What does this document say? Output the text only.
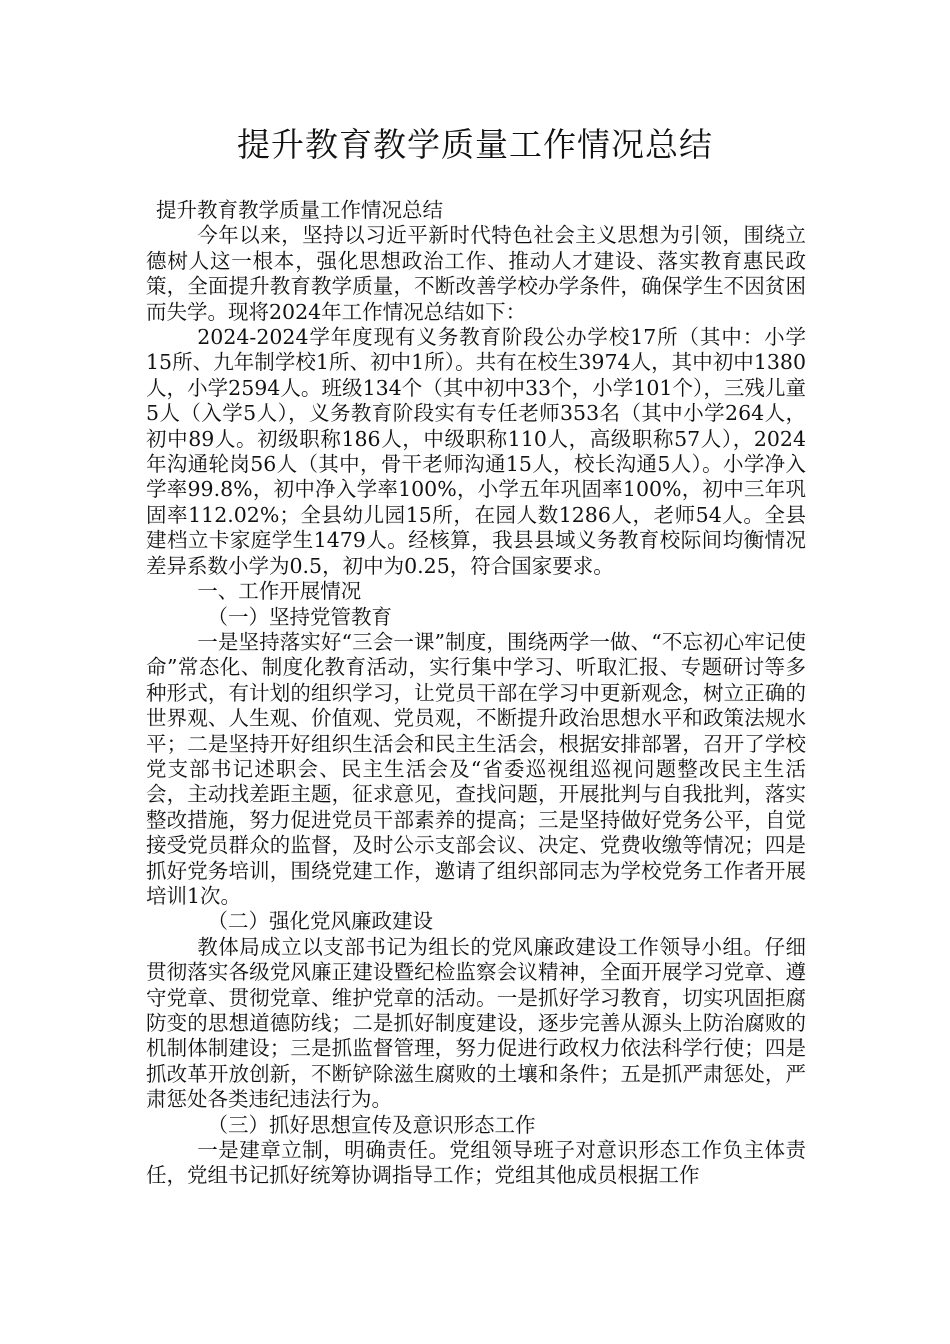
提升教育教学质量工作情况总结

提升教育教学质量工作情况总结

今年以来，坚持以习近平新时代特色社会主义思想为引领，围绕立德树人这一根本，强化思想政治工作、推动人才建设、落实教育惠民政策，全面提升教育教学质量，不断改善学校办学条件，确保学生不因贫困而失学。现将2024年工作情况总结如下：

2024-2024学年度现有义务教育阶段公办学校17所（其中：小学15所、九年制学校1所、初中1所）。共有在校生3974人，其中初中1380人，小学2594人。班级134个（其中初中33个，小学101个），三残儿童5人（入学5人），义务教育阶段实有专任老师353名（其中小学264人，初中89人。初级职称186人，中级职称110人，高级职称57人），2024年沟通轮岗56人（其中，骨干老师沟通15人，校长沟通5人）。小学净入学率99.8%，初中净入学率100%，小学五年巩固率100%，初中三年巩固率112.02%；全县幼儿园15所，在园人数1286人，老师54人。全县建档立卡家庭学生1479人。经核算，我县县域义务教育校际间均衡情况差异系数小学为0.5，初中为0.25，符合国家要求。

一、工作开展情况

（一）坚持党管教育

一是坚持落实好“三会一课”制度，围绕两学一做、“不忘初心牢记使命”常态化、制度化教育活动，实行集中学习、听取汇报、专题研讨等多种形式，有计划的组织学习，让党员干部在学习中更新观念，树立正确的世界观、人生观、价值观、党员观，不断提升政治思想水平和政策法规水平；二是坚持开好组织生活会和民主生活会，根据安排部署，召开了学校党支部书记述职会、民主生活会及“省委巡视组巡视问题整改民主生活会，主动找差距主题，征求意见，查找问题，开展批判与自我批判，落实整改措施，努力促进党员干部素养的提高；三是坚持做好党务公平，自觉接受党员群众的监督，及时公示支部会议、决定、党费收缴等情况；四是抓好党务培训，围绕党建工作，邀请了组织部同志为学校党务工作者开展培训1次。

（二）强化党风廉政建设

教体局成立以支部书记为组长的党风廉政建设工作领导小组。仔细贯彻落实各级党风廉正建设暨纪检监察会议精神，全面开展学习党章、遵守党章、贯彻党章、维护党章的活动。一是抓好学习教育，切实巩固拒腐防变的思想道德防线；二是抓好制度建设，逐步完善从源头上防治腐败的机制体制建设；三是抓监督管理，努力促进行政权力依法科学行使；四是抓改革开放创新，不断铲除滋生腐败的土壤和条件；五是抓严肃惩处，严肃惩处各类违纪违法行为。

（三）抓好思想宣传及意识形态工作

一是建章立制，明确责任。党组领导班子对意识形态工作负主体责任，党组书记抓好统筹协调指导工作；党组其他成员根据工作
